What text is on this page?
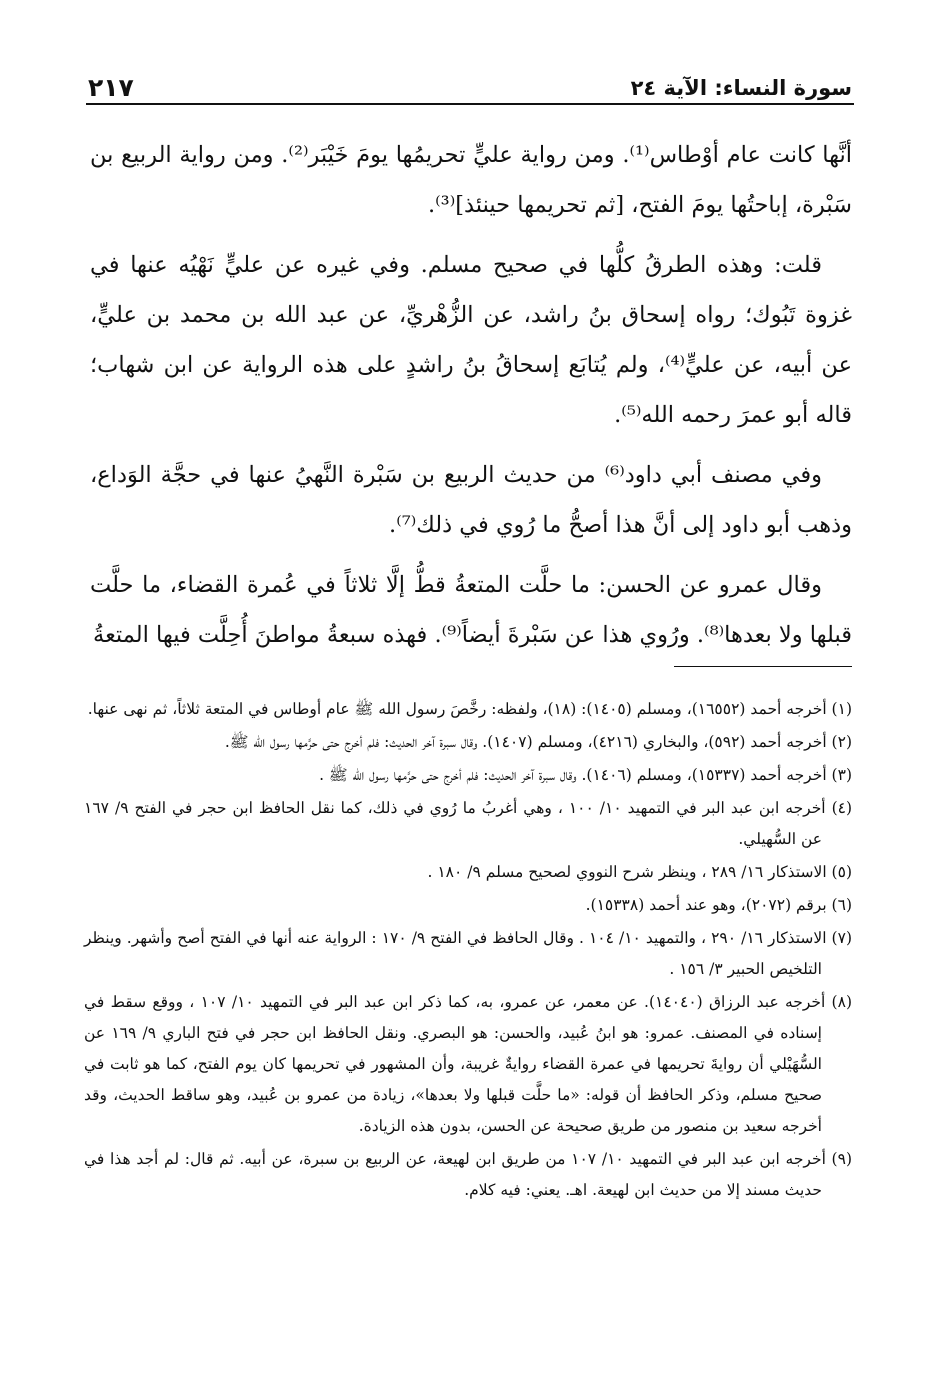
سورة النساء: الآية ٢٤
٢١٧

أنَّها كانت عام أوْطاس⁽¹⁾. ومن رواية عليٍّ تحريمُها يومَ خَيْبَر⁽²⁾. ومن رواية الربيع بن سَبْرة، إباحتُها يومَ الفتح، [ثم تحريمها حينئذ]⁽³⁾.

قلت: وهذه الطرقُ كلُّها في صحيح مسلم. وفي غيره عن عليٍّ نَهْيُه عنها في غزوة تَبُوك؛ رواه إسحاق بنُ راشد، عن الزُّهْريِّ، عن عبد الله بن محمد بن عليٍّ، عن أبيه، عن عليٍّ⁽⁴⁾، ولم يُتابَع إسحاقُ بنُ راشدٍ على هذه الرواية عن ابن شهاب؛ قاله أبو عمرَ رحمه الله⁽⁵⁾.

وفي مصنف أبي داود⁽⁶⁾ من حديث الربيع بن سَبْرة النَّهيُ عنها في حجَّة الوَداع، وذهب أبو داود إلى أنَّ هذا أصحُّ ما رُوي في ذلك⁽⁷⁾.

وقال عمرو عن الحسن: ما حلَّت المتعةُ قطُّ إلَّا ثلاثاً في عُمرة القضاء، ما حلَّت قبلها ولا بعدها⁽⁸⁾. ورُوي هذا عن سَبْرةَ أيضاً⁽⁹⁾. فهذه سبعةُ مواطنَ أُحِلَّت فيها المتعةُ

(١) أخرجه أحمد (١٦٥٥٢)، ومسلم (١٤٠٥): (١٨)، ولفظه: رخَّصَ رسول الله ﷺ عام أوطاس في المتعة ثلاثاً، ثم نهى عنها.

(٢) أخرجه أحمد (٥٩٢)، والبخاري (٤٢١٦)، ومسلم (١٤٠٧). وقال سبرة آخر الحديث: فلم أخرج حتى حرَّمها رسول الله ﷺ.

(٣) أخرجه أحمد (١٥٣٣٧)، ومسلم (١٤٠٦). وقال سبرة آخر الحديث: فلم أخرج حتى حرَّمها رسول الله ﷺ .

(٤) أخرجه ابن عبد البر في التمهيد ١٠/ ١٠٠ ، وهي أغربُ ما رُوي في ذلك، كما نقل الحافظ ابن حجر في الفتح ٩/ ١٦٧ عن السُّهيلي.

(٥) الاستذكار ١٦/ ٢٨٩ ، وينظر شرح النووي لصحيح مسلم ٩/ ١٨٠ .

(٦) برقم (٢٠٧٢)، وهو عند أحمد (١٥٣٣٨).

(٧) الاستذكار ١٦/ ٢٩٠ ، والتمهيد ١٠/ ١٠٤ . وقال الحافظ في الفتح ٩/ ١٧٠ : الرواية عنه أنها في الفتح أصح وأشهر. وينظر التلخيص الحبير ٣/ ١٥٦ .

(٨) أخرجه عبد الرزاق (١٤٠٤٠). عن معمر، عن عمرو، به، كما ذكر ابن عبد البر في التمهيد ١٠/ ١٠٧ ، ووقع سقط في إسناده في المصنف. عمرو: هو ابنُ عُبيد، والحسن: هو البصري. ونقل الحافظ ابن حجر في فتح الباري ٩/ ١٦٩ عن السُّهَيْلي أن روايةَ تحريمها في عمرة القضاء روايةٌ غريبة، وأن المشهور في تحريمها كان يوم الفتح، كما هو ثابت في صحيح مسلم، وذكر الحافظ أن قوله: «ما حلَّت قبلها ولا بعدها»، زيادة من عمرو بن عُبيد، وهو ساقط الحديث، وقد أخرجه سعيد بن منصور من طريق صحيحة عن الحسن، بدون هذه الزيادة.

(٩) أخرجه ابن عبد البر في التمهيد ١٠/ ١٠٧ من طريق ابن لهيعة، عن الربيع بن سبرة، عن أبيه. ثم قال: لم أجد هذا في حديث مسند إلا من حديث ابن لهيعة. اهـ. يعني: فيه كلام.
